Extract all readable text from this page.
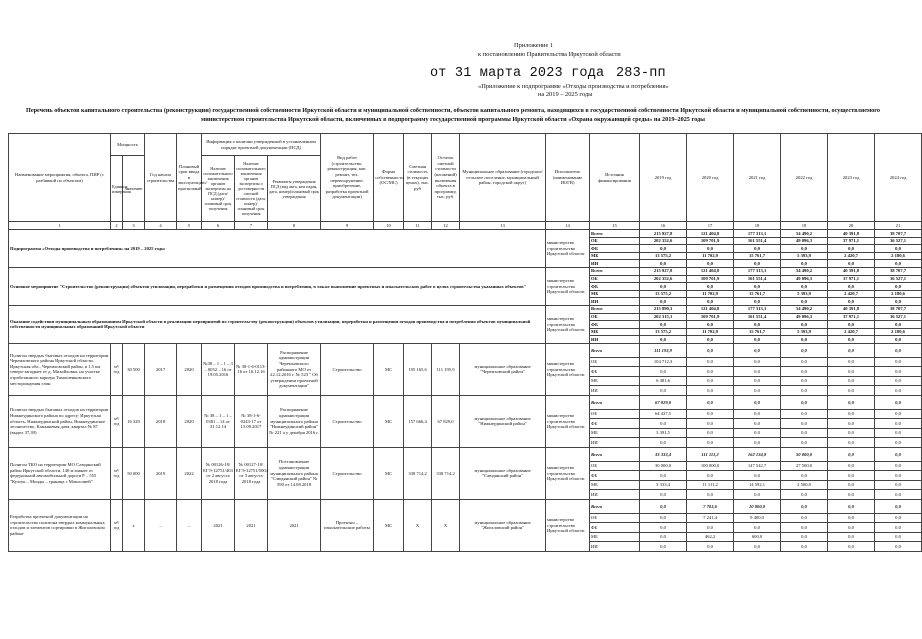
Приложение 1
к постановлению Правительства Иркутской области
от 31 марта 2023 года 283-пп
«Приложение к подпрограмме «Отходы производства и потребления»
на 2019 – 2025 годы
Перечень объектов капитального строительства (реконструкции) государственной собственности Иркутской области и муниципальной собственности, объектов капитального ремонта, находящихся в государственной собственности Иркутской области и муниципальной собственности, осуществляемого министерством строительства Иркутской области, включенных в подпрограмму государственной программы Иркутской области «Охрана окружающей среды» на 2019–2025 годы
Наименование мероприятия, объекта, ПИР (с разбивкой по объектам)	Мощность		Год начала строительства	Плановый срок ввода в эксплуатацию/прогнозный	Информация о наличии утвержденной в установленном порядке проектной документации (ПСД)			Вид работ (строительство, реконструкция, кап. ремонт, тех. перевооружение, приобретение, разработка проектной документации)	Форма собственности (ОС/МС)	Сметная стоимость (в текущих ценах), тыс. руб	Остаток сметной стоимости (вложений) включения объекта в программу, тыс. руб.	Муниципальное образование (городское/сельское поселение, муниципальный район, городской округ)	Исполнитель (наименование ИОГВ)	Источник финансирования	2019 год	2020 год	2021 год	2022 год	2023 год	2024 год
	Единица измерения	Значение			Наличие положительного заключения органов экспертизы на ПСД (дата/номер)/ плановый срок получения	Наличие положительного заключения органов экспертизы о достоверности сметной стоимости (дата, номер)/плановый срок получения	Реквизиты утверждения ПСД (вид акта, кем издан, дата, номер)/плановый срок утверждения													

1	2	3	4	5	6	7	8	9	10	11	12	13	14	15	16	17	18	19	20	21
Подпрограмма «Отходы производства и потребления» на 2019 – 2025 годы													министерство строительства Иркутской области	Всего	215 927,8	121 404,8	177 313,1	54 490,2	40 391,8	38 707,7
														ОБ	202 352,6	109 701,9	161 551,4	49 096,3	37 971,1	36 527,1
														ФБ	0,0	0,0	0,0	0,0	0,0	0,0
														МБ	13 575,2	11 702,9	15 761,7	5 393,9	2 420,7	2 180,6
														ИИ	0,0	0,0	0,0	0,0	0,0	0,0
Основное мероприятие "Строительство (реконструкция) объектов утилизации, переработки и размещения отходов производства и потребления, в также выполнение проектных и изыскательских работ в целях строительства указанных объектов"													министерство строительства Иркутской области	Всего	215 927,8	121 404,8	177 313,1	54 490,2	40 391,8	38 707,7
														ОБ	202 352,6	109 701,9	161 551,4	49 096,3	37 971,1	36 527,1
														ФБ	0,0	0,0	0,0	0,0	0,0	0,0
														МБ	13 575,2	11 702,9	15 761,7	5 393,9	2 420,7	2 180,6
														ИИ	0,0	0,0	0,0	0,0	0,0	0,0
Оказание содействия муниципальным образованиям Иркутской области в реализации мероприятий по строительству (реконструкции) объектов утилизации, переработки и размещения отходов производства и потребления объектов муниципальной собственности муниципальных образований Иркутской области													министерство строительства Иркутской области	Всего	215 890,3	121 404,8	177 313,1	54 490,2	40 391,8	38 707,7
														ОБ	202 315,1	109 701,9	161 551,4	49 096,3	37 971,1	36 527,1
														ФБ	0,0	0,0	0,0	0,0	0,0	0,0
														МБ	13 575,2	11 702,9	15 761,7	5 393,9	2 420,7	2 180,6
														ИИ	0,0	0,0	0,0	0,0	0,0	0,0
Полигон твердых бытовых отходов на территории Черемховского района Иркутской области. Иркутская обл., Черемховский район, в 1,5 км северо-западнее от д. Михайловка, на участке отработанного карьера Тимошенковского месторождения глин	м³/год	30 500	2017	2020	№38 – 1 – 1 – 3 – 0052 – 16 от 19.05.2016	№ 38-1-6-0113-16 от 16.12.16	Распоряжение администрации Черемховского районного МО от 22.12.2016 г. № 523 " Об утверждении проектной документации"	Строительство	МС	195 165,6	111 195,9	муниципальное образование "Черемховский район"	министерство строительства Иркутской области	Всего	111 193,9	0,0	0,0	0,0	0,0	0,0
														ОБ	104 712,3	0,0	0,0	0,0	0,0	0,0
														ФБ	0,0	0,0	0,0	0,0	0,0	0,0
														МБ	6 481,6	0,0	0,0	0,0	0,0	0,0
														ИИ	0,0	0,0	0,0	0,0	0,0	0,0
Полигон твердых бытовых отходов на территории Нижнеудинского района по адресу: Иркутская область, Нижнеудинский район, Нижнеудинское лесничество, Камышевая дача, квартал № 87 (выдел 37,39)	м³/год	16 329	2018	2020	№ 38 – 1 – 1 – 0381 – 14 от 31.12.14	№ 38-1-6-0243-17 от 15.09.2017	Распоряжение администрации муниципального района "Нижнеудинский район" № 221 а у декабря 2016 г.	Строительство	МС	157 666,4	67 829,0	муниципальное образование "Нижнеудинский район"	министерство строительства Иркутской области	Всего	67 829,0	0,0	0,0	0,0	0,0	0,0
														ОБ	64 437,5	0,0	0,0	0,0	0,0	0,0
														ФБ	0,0	0,0	0,0	0,0	0,0	0,0
														МБ	3 391,5	0,0	0,0	0,0	0,0	0,0
														ИИ	0,0	0,0	0,0	0,0	0,0	0,0
Полигон ТКО на территории МО Слюдянский район Иркутской области, 140 м южнее от федеральной автомобильной дороги Р – 555 "Култук – Монды – граница с Монголией"	м³/год	50 000	2019	2022	№ 00126-18/ЕГЭ-12751/403 от 2 августа 2018 года	№ 00127-18/ЕГЭ-12751/5004 от 3 августа 2018 года	Постановление администрации муниципального района "Слюдянский район" № 590 от 14.08.2018	Строительство	МС	338 714,2	338 714,2	муниципальное образование "Слюдянский район"	министерство строительства Иркутской области	Всего	33 333,4	111 111,2	162 134,8	50 000,0	0,0	0,0
														ОБ	30 000,0	100 000,0	147 542,7	27 500,0	0,0	0,0
														ФБ	0,0	0,0	0,0	0,0	0,0	0,0
														МБ	3 333,4	11 111,2	14 592,1	2 500,0	0,0	0,0
														ИИ	0,0	0,0	0,0	0,0	0,0	0,0
Разработка проектной документации на строительство полигона твердых коммунальных отходов и элементов сортировки в Жигаловском районе	м³/год	х	–	–	2021	2021	2021	Проектно – изыскательские работы	МС	Х	Х	муниципальное образование "Жигаловский район"	министерство строительства Иркутской области	Всего	0,0	7 703,6	10 000,0	0,0	0,0	0,0
														ОБ	0,0	7 241,4	9 400,0	0,0	0,0	0,0
														ФБ	0,0	0,0	0,0	0,0	0,0	0,0
														МБ	0,0	462,2	600,0	0,0	0,0	0,0
														ИИ	0,0	0,0	0,0	0,0	0,0	0,0
